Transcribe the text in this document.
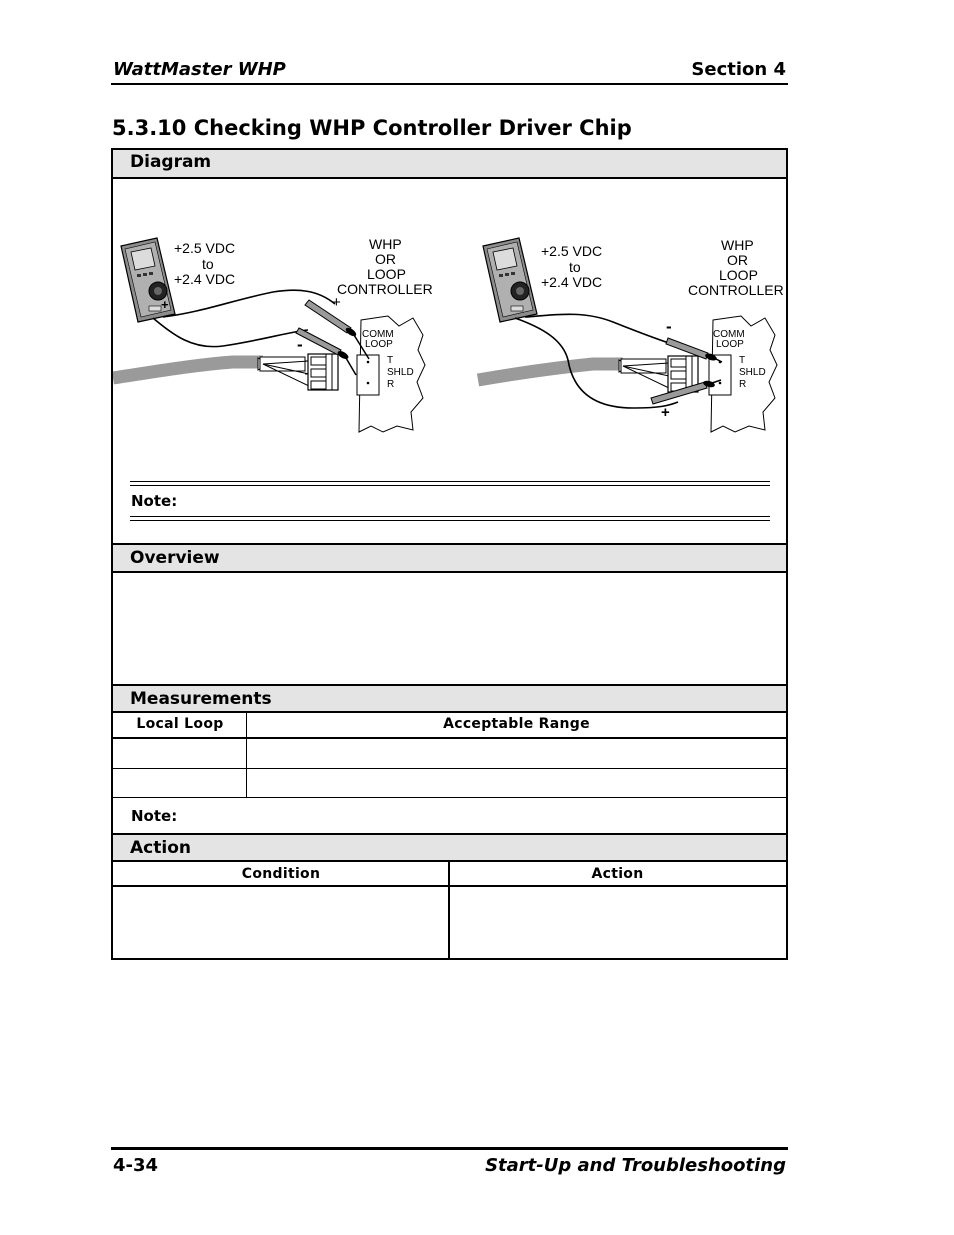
WattMaster WHP	Section 4
5.3.10 Checking WHP Controller Driver Chip
Diagram
COMM
LOOP
T
SHLD
R
+2.5 VDC
to
+2.4 VDC
+
WHP
OR
LOOP
CONTROLLER
+
-
COMM
LOOP
T
SHLD
R
+2.5 VDC
to
+2.4 VDC
WHP
OR
LOOP
CONTROLLER
-
+
Note:
Overview
Measurements
Local Loop	Acceptable Range
Note:
Action
Condition	Action
4-34	Start-Up and Troubleshooting
